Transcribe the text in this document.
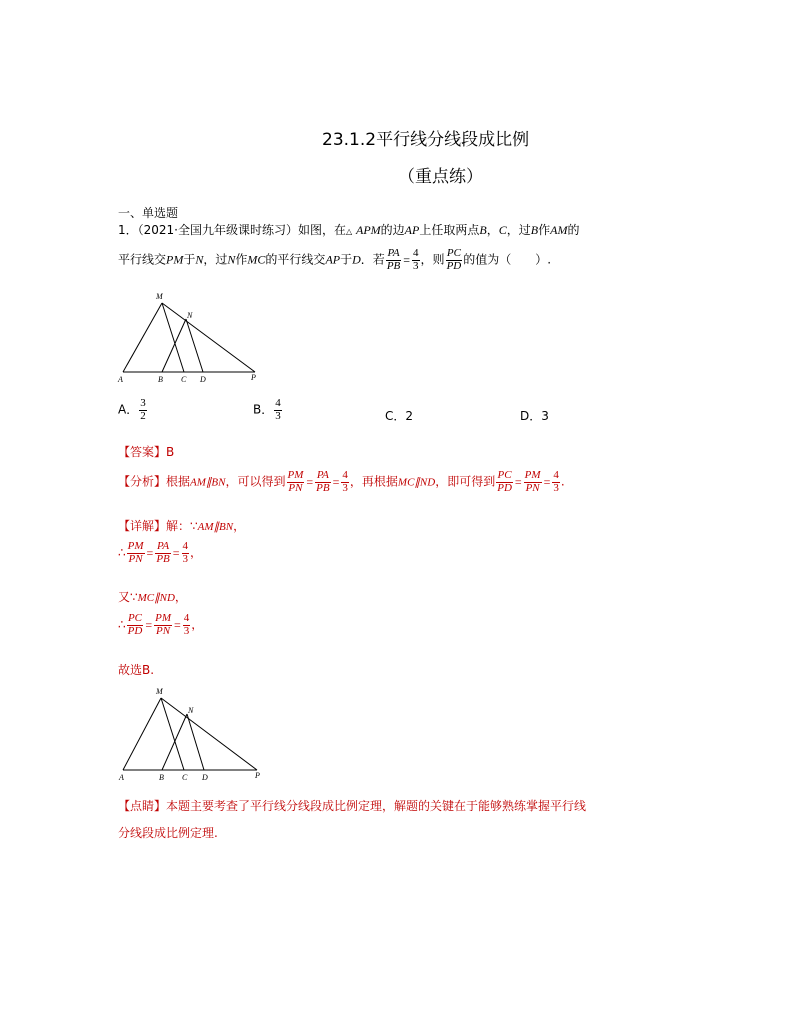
23.1.2平行线分线段成比例
（重点练）
一、单选题
1．（2021·全国九年级课时练习）如图，在△ APM的边AP上任取两点B，C，过B作AM的
平行线交PM于N，过N作MC的平行线交AP于D．若 $\frac{PA}{PB} = \frac{4}{3}$ ，则 $\frac{PC}{PD}$ 的值为（　　）.
M
N
A	B C D	P
A． $\frac{3}{2}$	B． $\frac{4}{3}$	C．2	D．3
【答案】B
【分析】根据AM∥BN，可以得到 $\frac{PM}{PN} = \frac{PA}{PB} = \frac{4}{3}$ ，再根据MC∥ND，即可得到 $\frac{PC}{PD} = \frac{PM}{PN} = \frac{4}{3}$ .
【详解】解：∵AM∥BN，
∴ $\frac{PM}{PN} = \frac{PA}{PB} = \frac{4}{3}$ ，
又∵MC∥ND，
∴ $\frac{PC}{PD} = \frac{PM}{PN} = \frac{4}{3}$ ，
故选B.
M
N
A	B C D	P
【点睛】本题主要考查了平行线分线段成比例定理，解题的关键在于能够熟练掌握平行线
分线段成比例定理.
